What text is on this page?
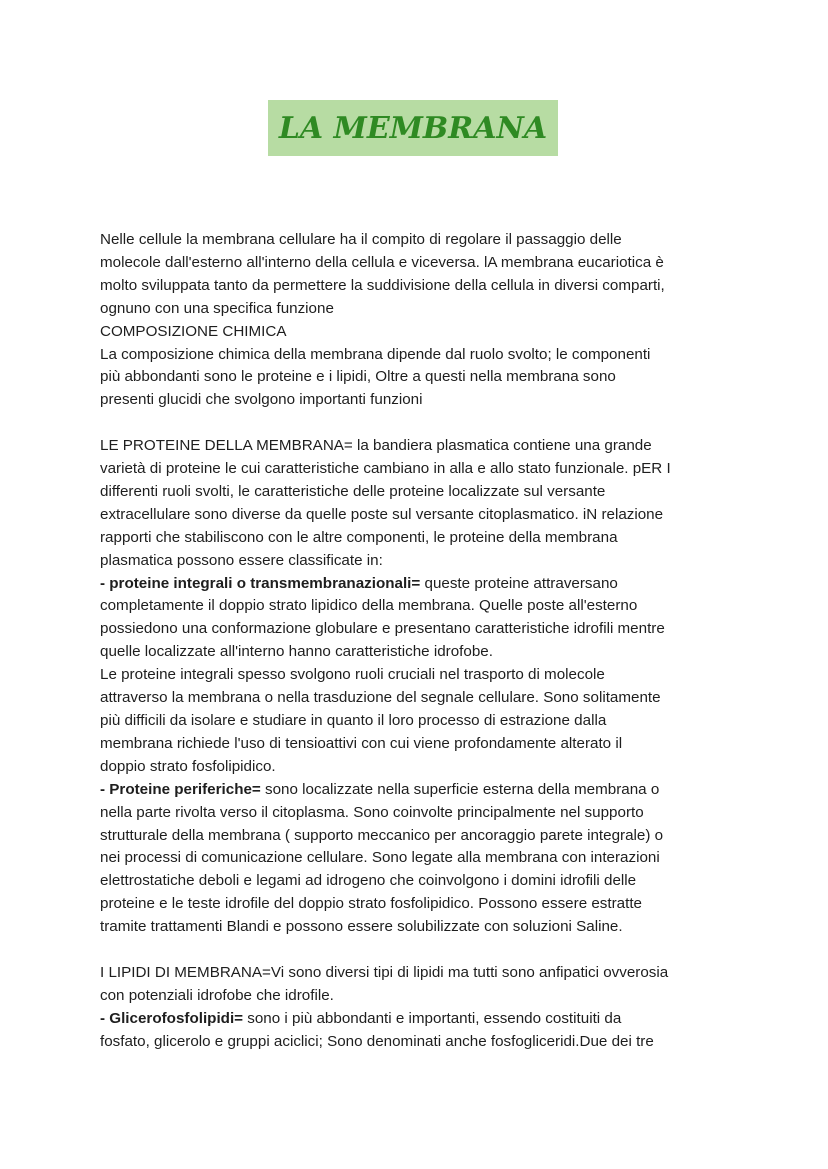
LA MEMBRANA

Nelle cellule la membrana cellulare ha il compito di regolare il passaggio delle

molecole dall'esterno all'interno della cellula e viceversa. lA membrana eucariotica è

molto sviluppata tanto da permettere la suddivisione della cellula in diversi comparti,

ognuno con una specifica funzione

COMPOSIZIONE CHIMICA

La composizione chimica della membrana dipende dal ruolo svolto; le componenti

più abbondanti sono le proteine e i lipidi, Oltre a questi nella membrana sono

presenti glucidi che svolgono importanti funzioni

LE PROTEINE DELLA MEMBRANA= la bandiera plasmatica contiene una grande

varietà di proteine le cui caratteristiche cambiano in alla e allo stato funzionale. pER I

differenti ruoli svolti, le caratteristiche delle proteine localizzate sul versante

extracellulare sono diverse da quelle poste sul versante citoplasmatico. iN relazione

rapporti che stabiliscono con le altre componenti, le proteine della membrana

plasmatica possono essere classificate in:

- proteine integrali o transmembranazionali= queste proteine attraversano

completamente il doppio strato lipidico della membrana. Quelle poste all'esterno

possiedono una conformazione globulare e presentano caratteristiche idrofili mentre

quelle localizzate all'interno hanno caratteristiche idrofobe.

Le proteine integrali spesso svolgono ruoli cruciali nel trasporto di molecole

attraverso la membrana o nella trasduzione del segnale cellulare. Sono solitamente

più difficili da isolare e studiare in quanto il loro processo di estrazione dalla

membrana richiede l'uso di tensioattivi con cui viene profondamente alterato il

doppio strato fosfolipidico.

- Proteine periferiche= sono localizzate nella superficie esterna della membrana o

nella parte rivolta verso il citoplasma. Sono coinvolte principalmente nel supporto

strutturale della membrana ( supporto meccanico per ancoraggio parete integrale) o

nei processi di comunicazione cellulare. Sono legate alla membrana con interazioni

elettrostatiche deboli e legami ad idrogeno che coinvolgono i domini idrofili delle

proteine e le teste idrofile del doppio strato fosfolipidico. Possono essere estratte

tramite trattamenti Blandi e possono essere solubilizzate con soluzioni Saline.

I LIPIDI DI MEMBRANA=Vi sono diversi tipi di lipidi ma tutti sono anfipatici ovverosia

con potenziali idrofobe che idrofile.

- Glicerofosfolipidi= sono i più abbondanti e importanti, essendo costituiti da

fosfato, glicerolo e gruppi aciclici; Sono denominati anche fosfogliceridi.Due dei tre
